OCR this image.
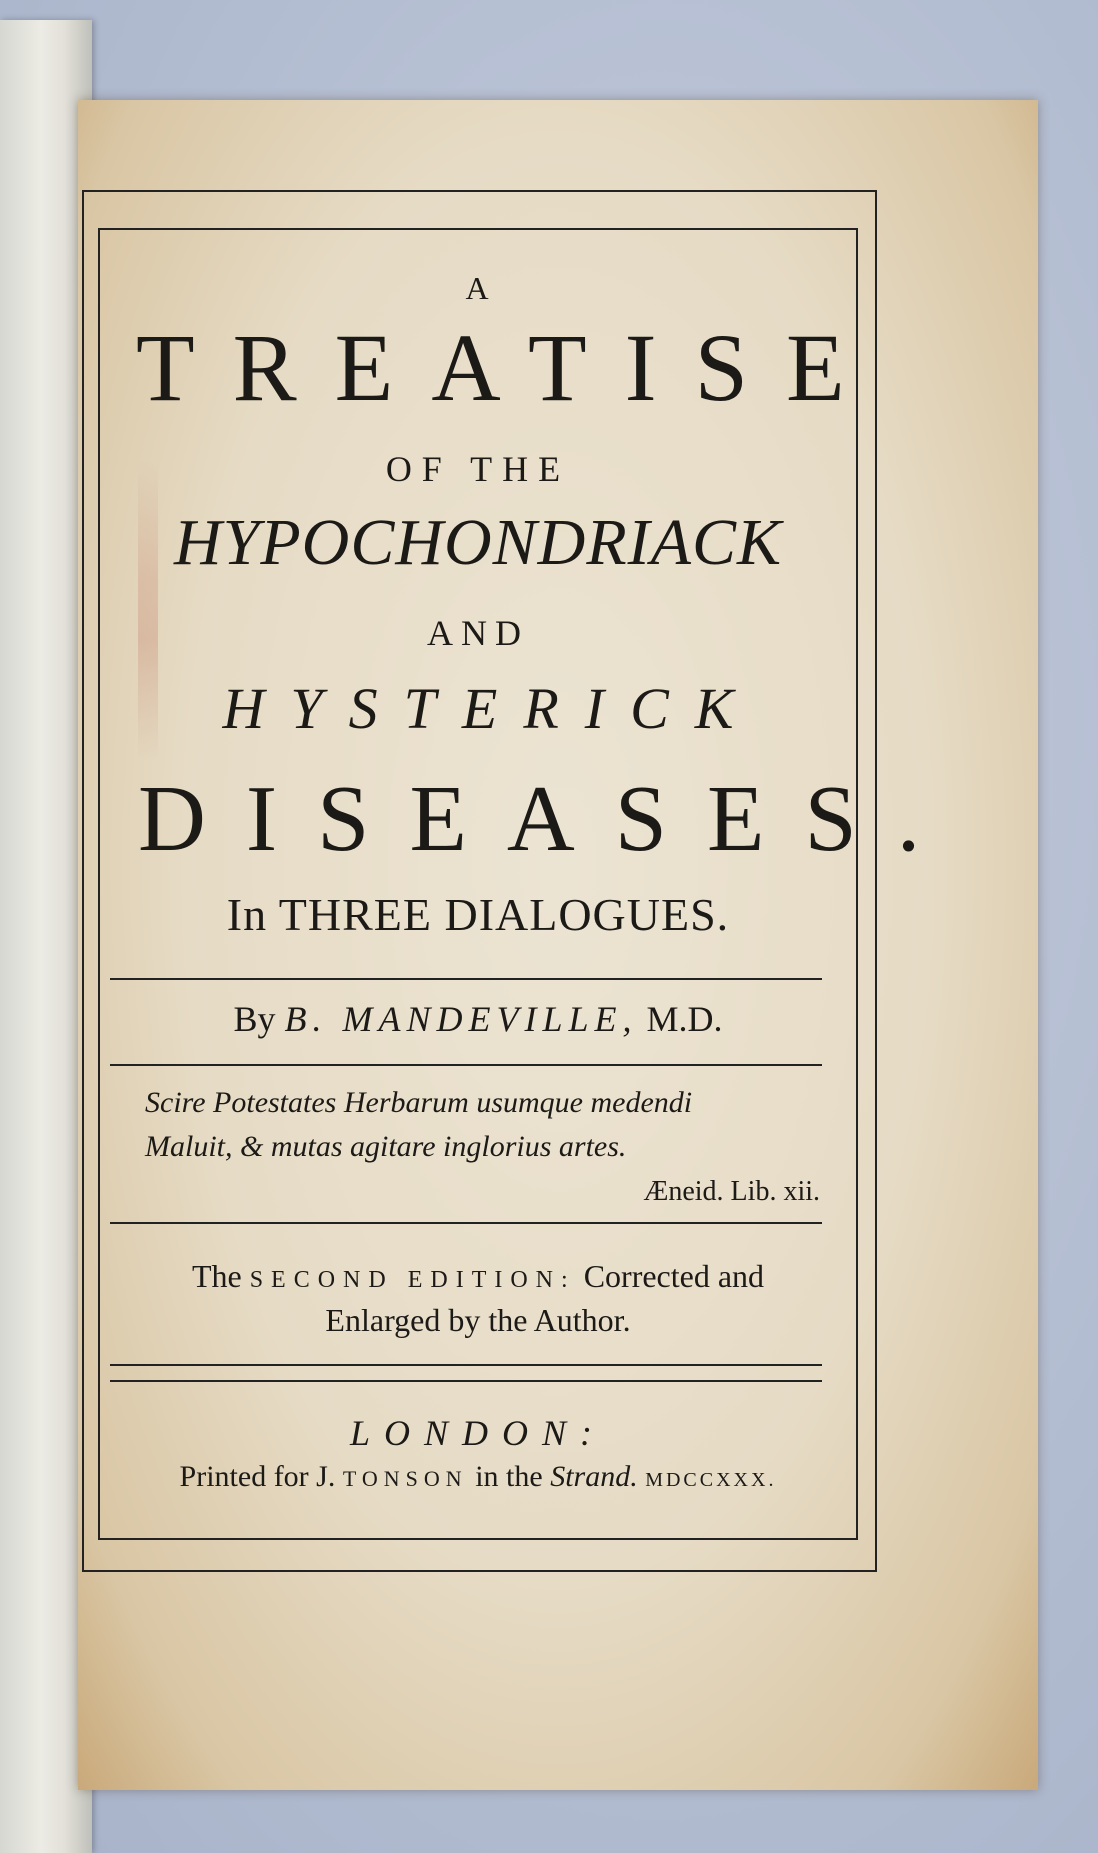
A
TREATISE
OF THE
HYPOCHONDRIACK
AND
HYSTERICK
DISEASES.
In THREE DIALOGUES.
By B. MANDEVILLE, M.D.
Scire Potestates Herbarum usumque medendi
Maluit, & mutas agitare inglorius artes.
Æneid. Lib. xii.
The SECOND EDITION: Corrected and
Enlarged by the Author.
LONDON:
Printed for J. TONSON in the Strand. MDCCXXX.
